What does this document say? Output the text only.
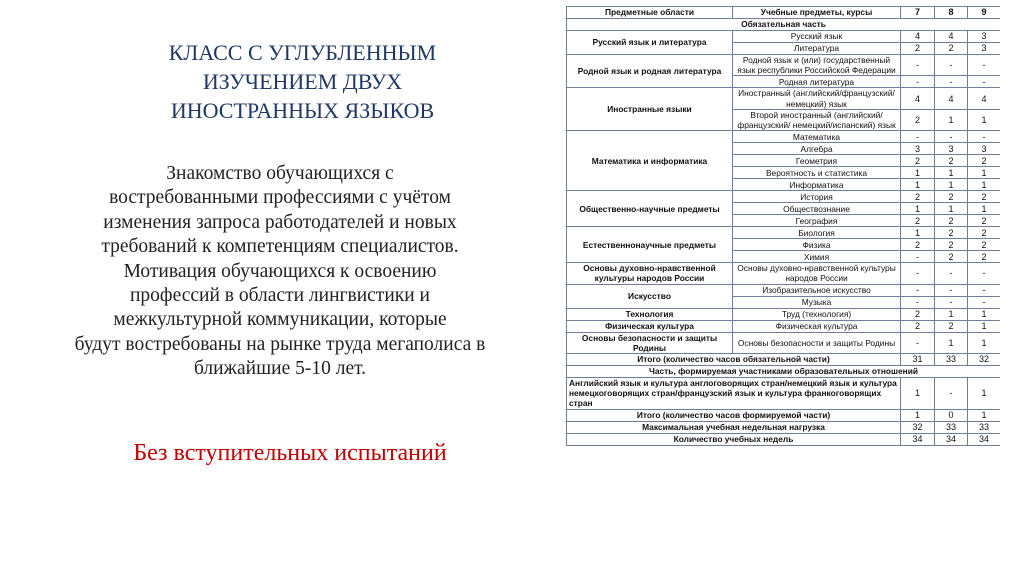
КЛАСС С УГЛУБЛЕННЫМ
ИЗУЧЕНИЕМ ДВУХ
ИНОСТРАННЫХ ЯЗЫКОВ
Знакомство обучающихся с
востребованными профессиями с учётом
изменения запроса работодателей и новых
требований к компетенциям специалистов.
Мотивация обучающихся к освоению
профессий в области лингвистики и
межкультурной коммуникации, которые
будут востребованы на рынке труда мегаполиса в
ближайшие 5-10 лет.
Без вступительных испытаний
Предметные области	Учебные предметы, курсы	7	8	9
Обязательная часть				
Русский язык и литература	Русский язык	4	4	3
	Литература	2	2	3
Родной язык и родная литература	Родной язык и (или) государственный язык республики Российской Федерации	-	-	-
	Родная литература	-	-	-
Иностранные языки	Иностранный (английский/французский/ немецкий) язык	4	4	4
	Второй иностранный (английский/ французский/ немецкий/испанский) язык	2	1	1
Математика и информатика	Математика	-	-	-
	Алгебра	3	3	3
	Геометрия	2	2	2
	Вероятность и статистика	1	1	1
	Информатика	1	1	1
Общественно-научные предметы	История	2	2	2
	Обществознание	1	1	1
	География	2	2	2
Естественнонаучные предметы	Биология	1	2	2
	Физика	2	2	2
	Химия	-	2	2
Основы духовно-нравственной культуры народов России	Основы духовно-нравственной культуры народов России	-	-	-
Искусство	Изобразительное искусство	-	-	-
	Музыка	-	-	-
Технология	Труд (технология)	2	1	1
Физическая культура	Физическая культура	2	2	1
Основы безопасности и защиты Родины	Основы безопасности и защиты Родины	-	1	1
Итого (количество часов обязательной части)		31	33	32
Часть, формируемая участниками образовательных отношений				
Английский язык и культура англоговорящих стран/немецкий язык и культура немецкоговорящих стран/французский язык и культура франкоговорящих стран		1	-	1
Итого (количество часов формируемой части)		1	0	1
Максимальная учебная недельная нагрузка		32	33	33
Количество учебных недель		34	34	34
